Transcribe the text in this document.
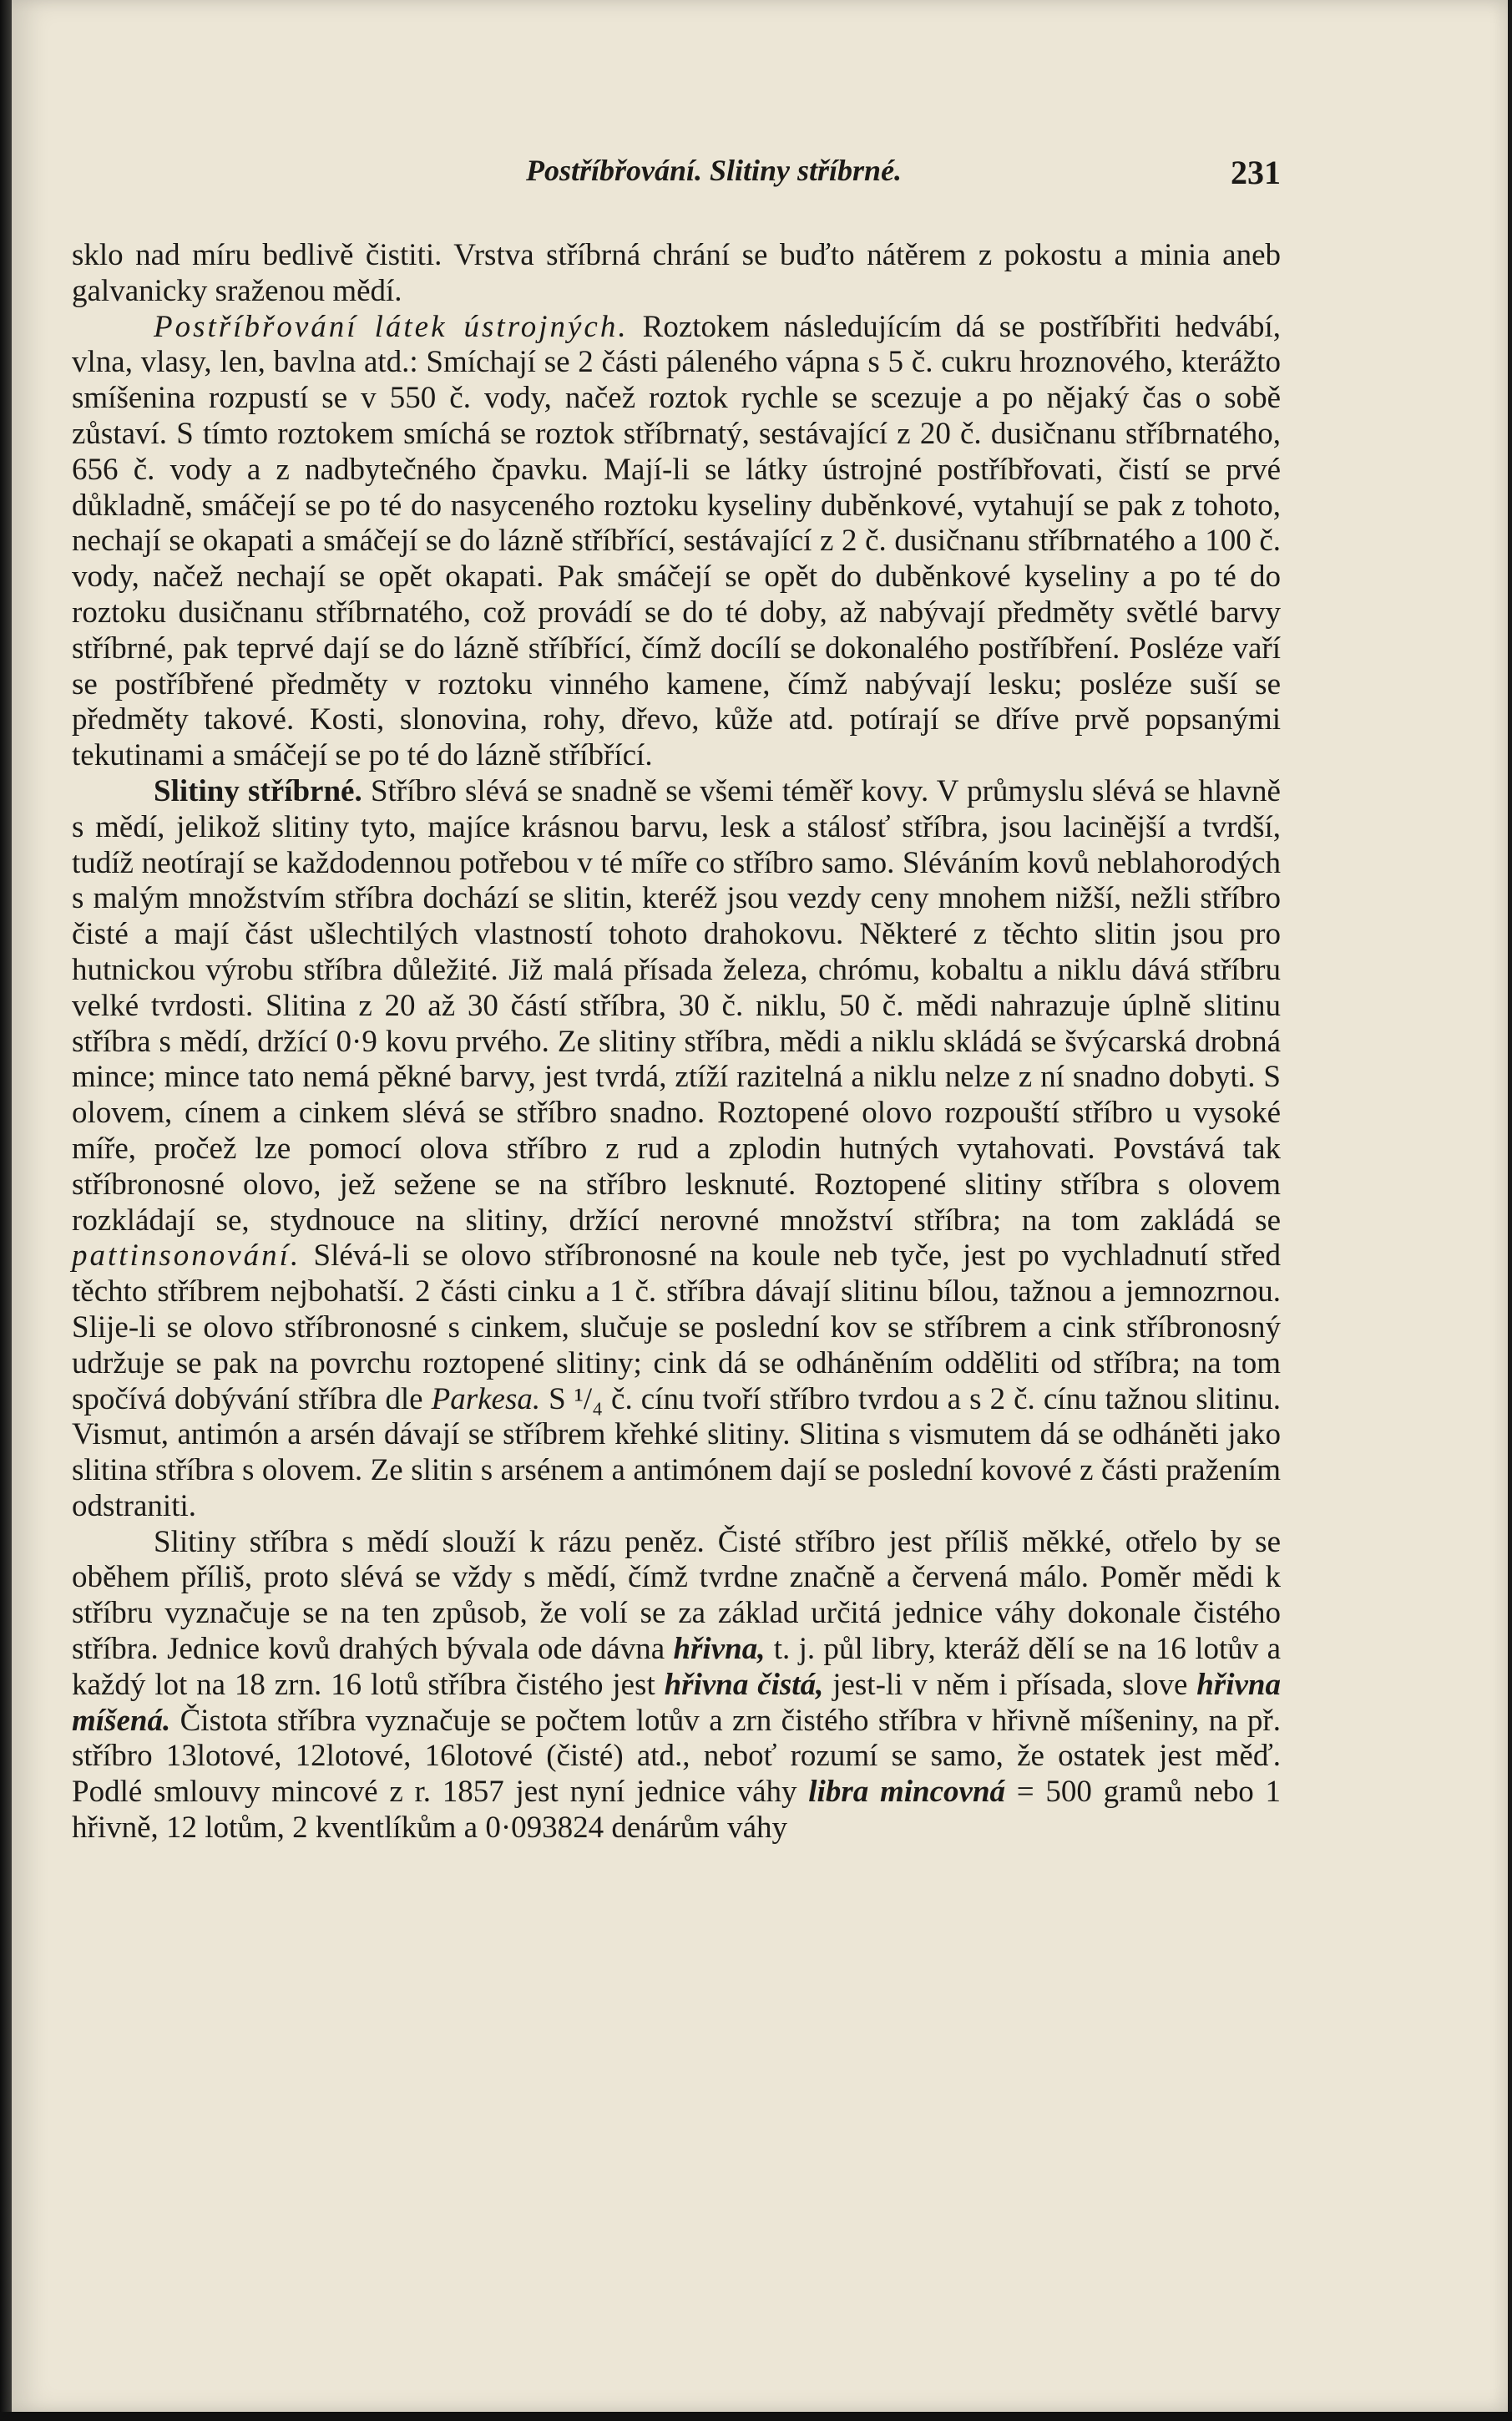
Postříbřování. Slitiny stříbrné.	231

sklo nad míru bedlivě čistiti. Vrstva stříbrná chrání se buďto nátěrem z pokostu a minia aneb galvanicky sraženou mědí.

Postříbřování látek ústrojných. Roztokem následujícím dá se postříbřiti hedvábí, vlna, vlasy, len, bavlna atd.: Smíchají se 2 části páleného vápna s 5 č. cukru hroznového, kterážto smíšenina rozpustí se v 550 č. vody, načež roztok rychle se scezuje a po nějaký čas o sobě zůstaví. S tímto roztokem smíchá se roztok stříbrnatý, sestávající z 20 č. dusičnanu stříbrnatého, 656 č. vody a z nadbytečného čpavku. Mají-li se látky ústrojné postříbřovati, čistí se prvé důkladně, smáčejí se po té do nasyceného roztoku kyseliny duběnkové, vytahují se pak z tohoto, nechají se okapati a smáčejí se do lázně stříbřící, sestávající z 2 č. dusičnanu stříbrnatého a 100 č. vody, načež nechají se opět okapati. Pak smáčejí se opět do duběnkové kyseliny a po té do roztoku dusičnanu stříbrnatého, což provádí se do té doby, až nabývají předměty světlé barvy stříbrné, pak teprvé dají se do lázně stříbřící, čímž docílí se dokonalého postříbření. Posléze vaří se postříbřené předměty v roztoku vinného kamene, čímž nabývají lesku; posléze suší se předměty takové. Kosti, slonovina, rohy, dřevo, kůže atd. potírají se dříve prvě popsanými tekutinami a smáčejí se po té do lázně stříbřící.

Slitiny stříbrné. Stříbro slévá se snadně se všemi téměř kovy. V průmyslu slévá se hlavně s mědí, jelikož slitiny tyto, majíce krásnou barvu, lesk a stálosť stříbra, jsou lacinější a tvrdší, tudíž neotírají se každodennou potřebou v té míře co stříbro samo. Sléváním kovů neblahorodých s malým množstvím stříbra dochází se slitin, kteréž jsou vezdy ceny mnohem nižší, nežli stříbro čisté a mají část ušlechtilých vlastností tohoto drahokovu. Některé z těchto slitin jsou pro hutnickou výrobu stříbra důležité. Již malá přísada železa, chrómu, kobaltu a niklu dává stříbru velké tvrdosti. Slitina z 20 až 30 částí stříbra, 30 č. niklu, 50 č. mědi nahrazuje úplně slitinu stříbra s mědí, držící 0·9 kovu prvého. Ze slitiny stříbra, mědi a niklu skládá se švýcarská drobná mince; mince tato nemá pěkné barvy, jest tvrdá, ztíží razitelná a niklu nelze z ní snadno dobyti. S olovem, cínem a cinkem slévá se stříbro snadno. Roztopené olovo rozpouští stříbro u vysoké míře, pročež lze pomocí olova stříbro z rud a zplodin hutných vytahovati. Povstává tak stříbronosné olovo, jež sežene se na stříbro lesknuté. Roztopené slitiny stříbra s olovem rozkládají se, stydnouce na slitiny, držící nerovné množství stříbra; na tom zakládá se pattinsonování. Slévá-li se olovo stříbronosné na koule neb tyče, jest po vychladnutí střed těchto stříbrem nejbohatší. 2 části cinku a 1 č. stříbra dávají slitinu bílou, tažnou a jemnozrnou. Slije-li se olovo stříbronosné s cinkem, slučuje se poslední kov se stříbrem a cink stříbronosný udržuje se pak na povrchu roztopené slitiny; cink dá se odháněním odděliti od stříbra; na tom spočívá dobývání stříbra dle Parkesa. S ¹/₄ č. cínu tvoří stříbro tvrdou a s 2 č. cínu tažnou slitinu. Vismut, antimón a arsén dávají se stříbrem křehké slitiny. Slitina s vismutem dá se odháněti jako slitina stříbra s olovem. Ze slitin s arsénem a antimónem dají se poslední kovové z části pražením odstraniti.

Slitiny stříbra s mědí slouží k rázu peněz. Čisté stříbro jest příliš měkké, otřelo by se oběhem příliš, proto slévá se vždy s mědí, čímž tvrdne značně a červená málo. Poměr mědi k stříbru vyznačuje se na ten způsob, že volí se za základ určitá jednice váhy dokonale čistého stříbra. Jednice kovů drahých bývala ode dávna hřivna, t. j. půl libry, kteráž dělí se na 16 lotův a každý lot na 18 zrn. 16 lotů stříbra čistého jest hřivna čistá, jest-li v něm i přísada, slove hřivna míšená. Čistota stříbra vyznačuje se počtem lotův a zrn čistého stříbra v hřivně míšeniny, na př. stříbro 13lotové, 12lotové, 16lotové (čisté) atd., neboť rozumí se samo, že ostatek jest měď. Podlé smlouvy mincové z r. 1857 jest nyní jednice váhy libra mincovná = 500 gramů nebo 1 hřivně, 12 lotům, 2 kventlíkům a 0·093824 denárům váhy
